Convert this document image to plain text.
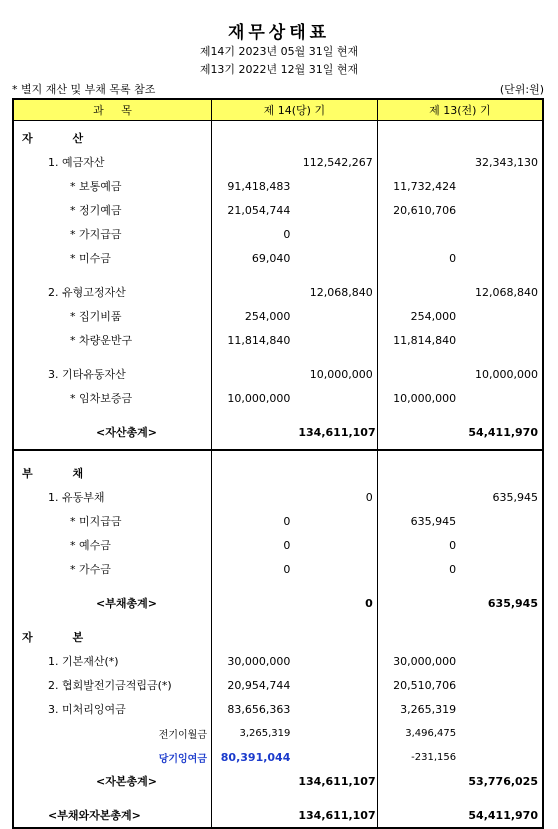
재무상태표
제14기 2023년 05월 31일 현재
제13기 2022년 12월 31일 현재
* 별지 재산 및 부채 목록 참조	(단위:원)
과     목	제 14(당) 기		제 13(전) 기	

자 산				
1. 예금자산		112,542,267		32,343,130
* 보통예금	91,418,483		11,732,424	
* 정기예금	21,054,744		20,610,706	
* 가지급금	0			
* 미수금	69,040		0	

2. 유형고정자산		12,068,840		12,068,840
* 집기비품	254,000		254,000	
* 차량운반구	11,814,840		11,814,840	

3. 기타유동자산		10,000,000		10,000,000
* 임차보증금	10,000,000		10,000,000	

<자산총계>		134,611,107		54,411,970

부 채				
1. 유동부채		0		635,945
* 미지급금	0		635,945	
* 예수금	0		0	
* 가수금	0		0	

<부채총계>		0		635,945

자 본				
1. 기본재산(*)	30,000,000		30,000,000	
2. 협회발전기금적립금(*)	20,954,744		20,510,706	
3. 미처리잉여금	83,656,363		3,265,319	
전기이월금	3,265,319		3,496,475	
당기잉여금	80,391,044		-231,156	
<자본총계>		134,611,107		53,776,025

<부채와자본총계>		134,611,107		54,411,970
